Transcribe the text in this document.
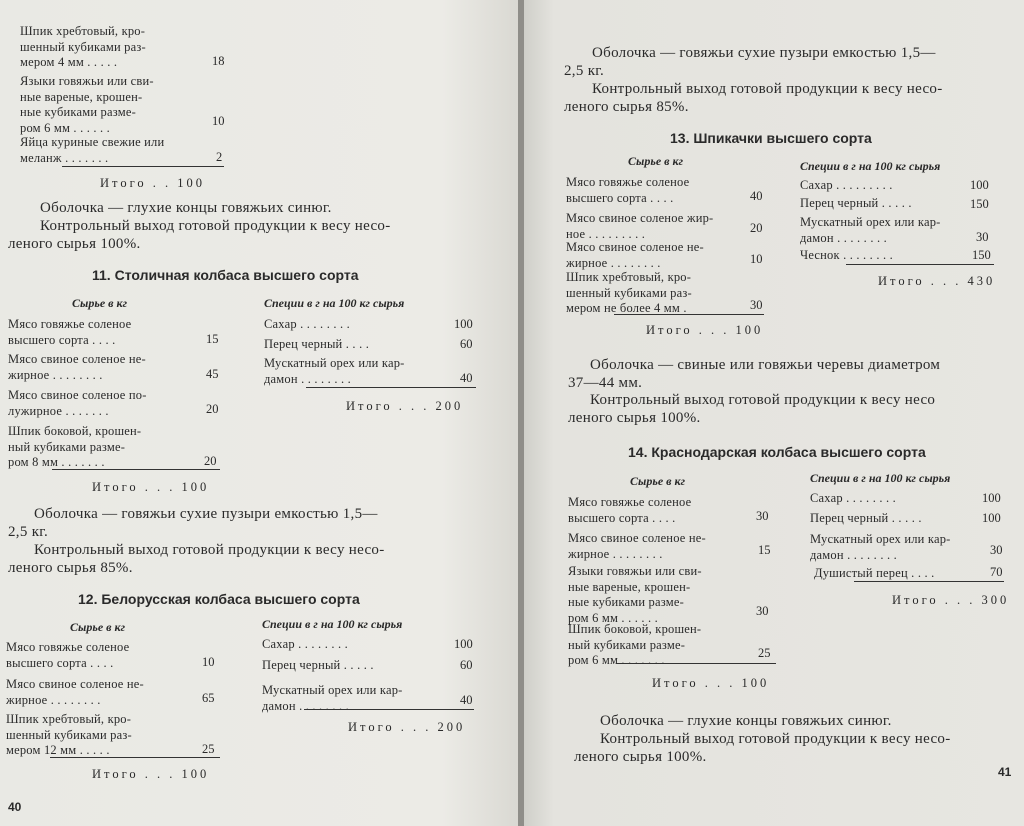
Шпик хребтовый, кро-
шенный кубиками раз-
мером 4 мм . . . . .	18
Языки говяжьи или сви-
ные вареные, крошен-
ные кубиками разме-
ром 6 мм . . . . . .	10
Яйца куриные свежие или
меланж . . . . . . .	2
Итого . . 100
Оболочка — глухие концы говяжьих синюг.
Контрольный выход готовой продукции к весу несо-
леного сырья 100%.
11. Столичная колбаса высшего сорта
Сырье в кг	Специи в г на 100 кг сырья
Мясо говяжье соленое
высшего сорта . . . .	15
Мясо свиное соленое не-
жирное . . . . . . . .	45
Мясо свиное соленое по-
лужирное . . . . . . .	20
Шпик боковой, крошен-
ный кубиками разме-
ром 8 мм . . . . . . .	20
Итого . . . 100
Сахар . . . . . . . .	100
Перец черный . . . .	60
Мускатный орех или кар-
дамон . . . . . . . .	40
Итого . . . 200
Оболочка — говяжьи сухие пузыри емкостью 1,5—
2,5 кг.
Контрольный выход готовой продукции к весу несо-
леного сырья 85%.
12. Белорусская колбаса высшего сорта
Сырье в кг	Специи в г на 100 кг сырья
Мясо говяжье соленое
высшего сорта . . . .	10
Мясо свиное соленое не-
жирное . . . . . . . .	65
Шпик хребтовый, кро-
шенный кубиками раз-
мером 12 мм . . . . .	25
Итого . . . 100
Сахар . . . . . . . .	100
Перец черный . . . . .	60
Мускатный орех или кар-
дамон . . . . . . . .	40
Итого . . . 200
40
Оболочка — говяжьи сухие пузыри емкостью 1,5—
2,5 кг.
Контрольный выход готовой продукции к весу несо-
леного сырья 85%.
13. Шпикачки высшего сорта
Сырье в кг	Специи в г на 100 кг сырья
Мясо говяжье соленое
высшего сорта . . . .	40
Мясо свиное соленое жир-
ное . . . . . . . . .	20
Мясо свиное соленое не-
жирное . . . . . . . .	10
Шпик хребтовый, кро-
шенный кубиками раз-
мером не более 4 мм .	30
Итого . . . 100
Сахар . . . . . . . . .	100
Перец черный . . . . .	150
Мускатный орех или кар-
дамон . . . . . . . .	30
Чеснок . . . . . . . .	150
Итого . . . 430
Оболочка — свиные или говяжьи черевы диаметром
37—44 мм.
Контрольный выход готовой продукции к весу несо
леного сырья 100%.
14. Краснодарская колбаса высшего сорта
Сырье в кг	Специи в г на 100 кг сырья
Мясо говяжье соленое
высшего сорта . . . .	30
Мясо свиное соленое не-
жирное . . . . . . . .	15
Языки говяжьи или сви-
ные вареные, крошен-
ные кубиками разме-
ром 6 мм . . . . . .	30
Шпик боковой, крошен-
ный кубиками разме-
ром 6 мм . . . . . . .	25
Итого . . . 100
Сахар . . . . . . . .	100
Перец черный . . . . .	100
Мускатный орех или кар-
дамон . . . . . . . .	30
Душистый перец . . . .	70
Итого . . . 300
Оболочка — глухие концы говяжьих синюг.
Контрольный выход готовой продукции к весу несо-
леного сырья 100%.
41
